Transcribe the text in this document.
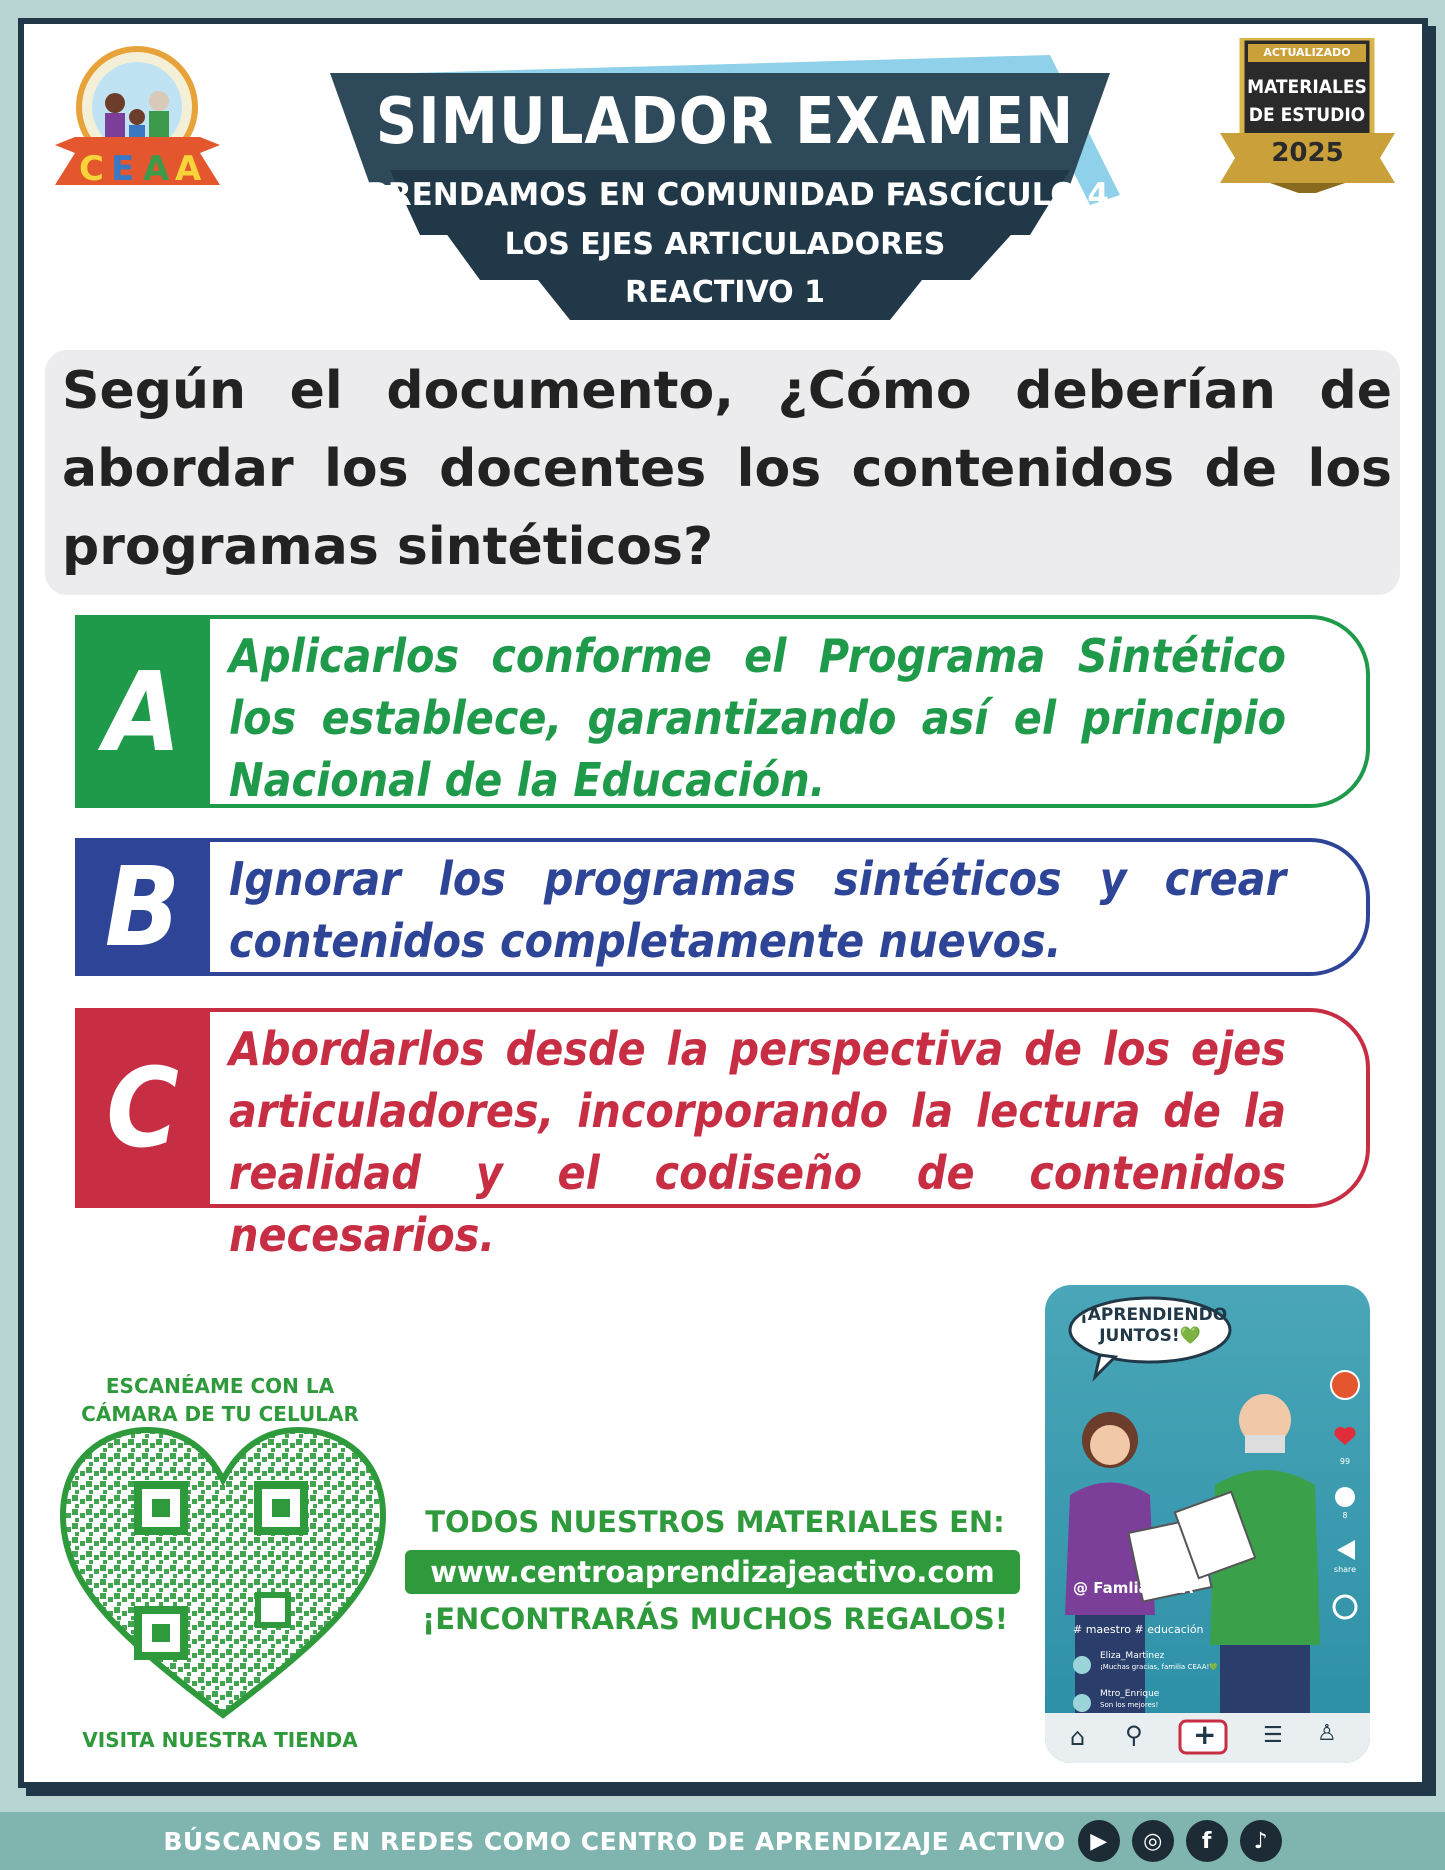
C E A A
ACTUALIZADO
MATERIALES
DE ESTUDIO
2025
SIMULADOR EXAMEN
APRENDAMOS EN COMUNIDAD FASCÍCULO 4
LOS EJES ARTICULADORES
REACTIVO 1
Según el documento, ¿Cómo deberían de abordar los docentes los contenidos de los programas sintéticos?
A	Aplicarlos conforme el Programa Sintético los establece, garantizando así el principio Nacional de la Educación.
B	Ignorar los programas sintéticos y crear contenidos completamente nuevos.
C	Abordarlos desde la perspectiva de los ejes articuladores, incorporando la lectura de la realidad y el codiseño de contenidos necesarios.
ESCANÉAME CON LA
CÁMARA DE TU CELULAR
VISITA NUESTRA TIENDA
TODOS NUESTROS MATERIALES EN:
www.centroaprendizajeactivo.com
¡ENCONTRARÁS MUCHOS REGALOS!
¡APRENDIENDO
JUNTOS!💚
99
8
share
@ FamliaCEAA
# maestro # educación
Eliza_Martinez
¡Muchas gracias, familia CEAA!💚
Mtro_Enrique
Son los mejores!
⌂ ⚲ + ☰ ♙
BÚSCANOS EN REDES COMO CENTRO DE APRENDIZAJE ACTIVO	▶	◎	f	♪
